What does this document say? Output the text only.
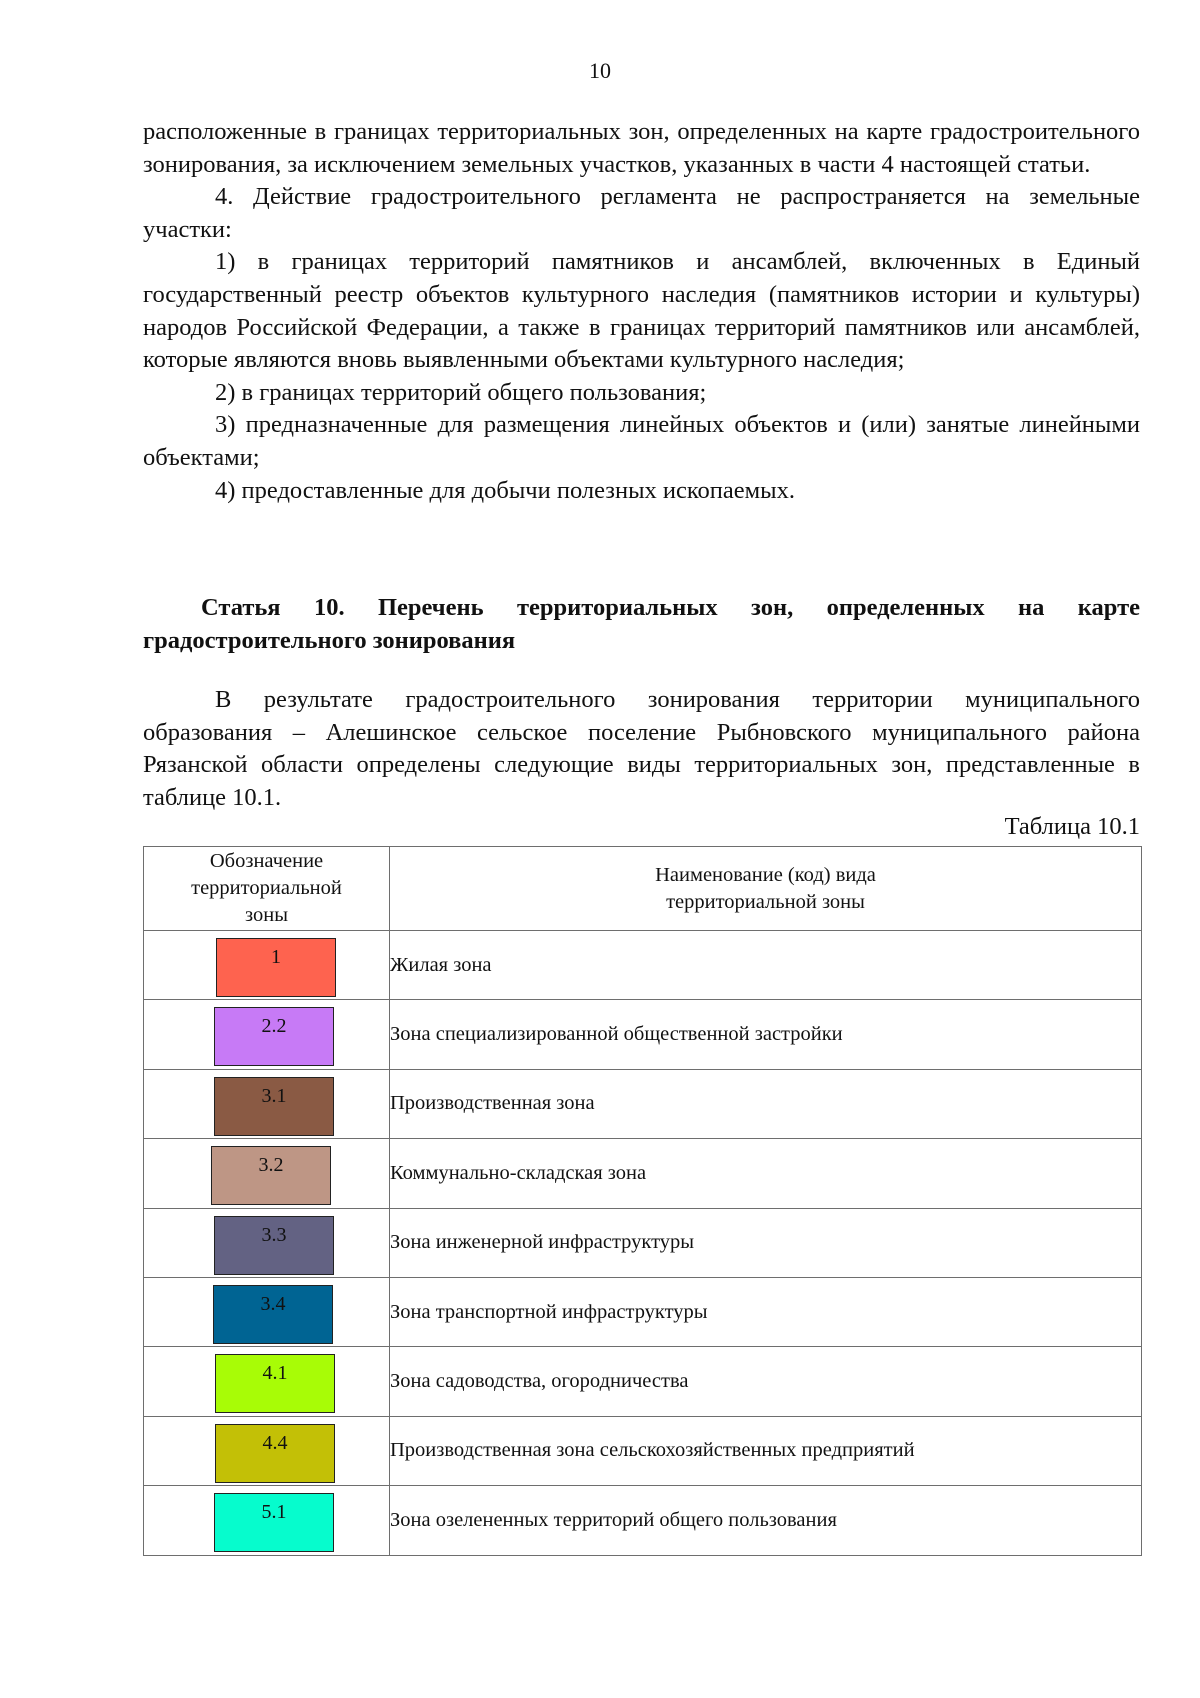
10

расположенные в границах территориальных зон, определенных на карте градостроительного зонирования, за исключением земельных участков, указанных в части 4 настоящей статьи.

4. Действие градостроительного регламента не распространяется на земельные участки:

1) в границах территорий памятников и ансамблей, включенных в Единый государственный реестр объектов культурного наследия (памятников истории и культуры) народов Российской Федерации, а также в границах территорий памятников или ансамблей, которые являются вновь выявленными объектами культурного наследия;

2) в границах территорий общего пользования;

3) предназначенные для размещения линейных объектов и (или) занятые линейными объектами;

4) предоставленные для добычи полезных ископаемых.

Статья 10. Перечень территориальных зон, определенных на карте градостроительного зонирования

В результате градостроительного зонирования территории муниципального образования – Алешинское сельское поселение Рыбновского муниципального района Рязанской области определены следующие виды территориальных зон, представленные в таблице 10.1.

Таблица 10.1
Обозначение территориальной зоны	Наименование (код) вида территориальной зоны

1	Жилая зона

2.2	Зона специализированной общественной застройки

3.1	Производственная зона

3.2	Коммунально-складская зона

3.3	Зона инженерной инфраструктуры

3.4	Зона транспортной инфраструктуры

4.1	Зона садоводства, огородничества

4.4	Производственная зона сельскохозяйственных предприятий

5.1	Зона озелененных территорий общего пользования
